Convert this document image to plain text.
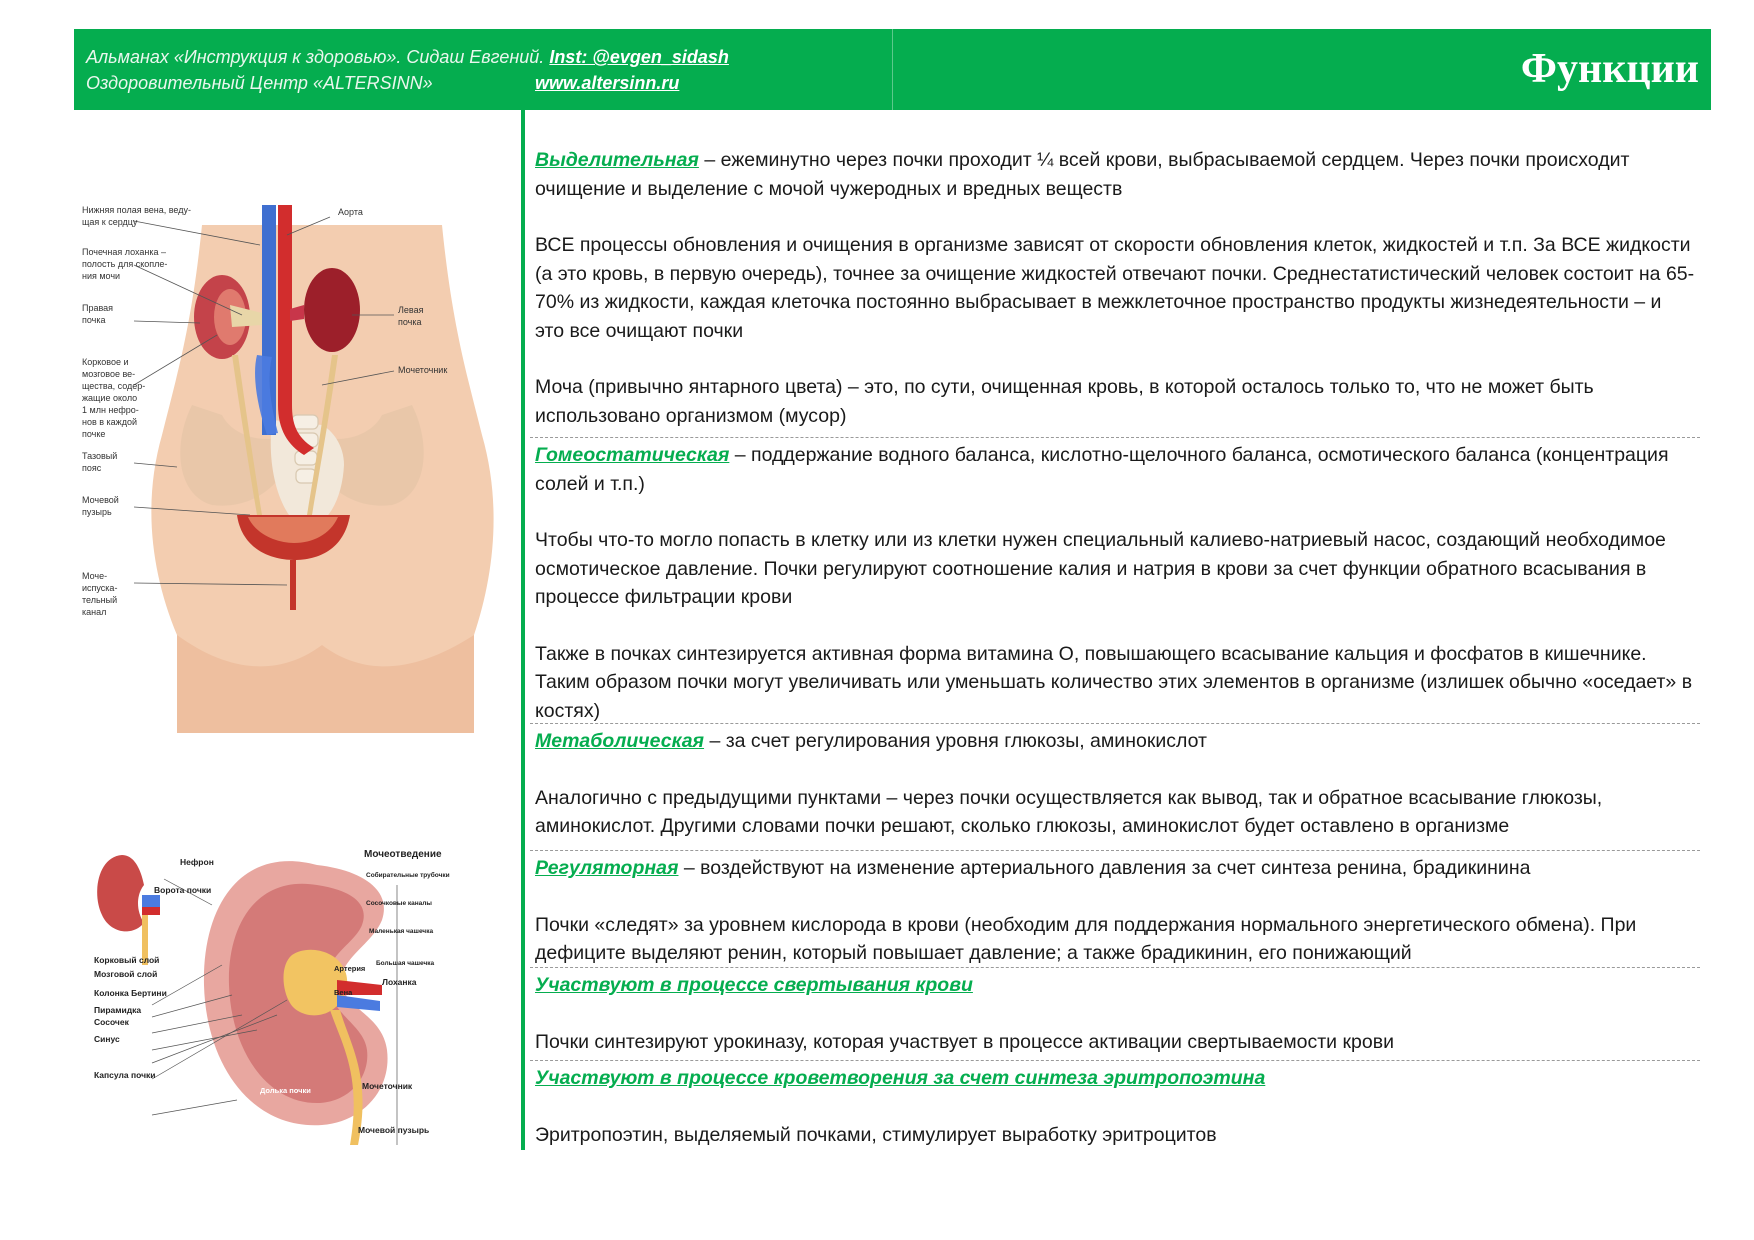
Альманах «Инструкция к здоровью». Сидаш Евгений. Inst: @evgen_sidash
Оздоровительный Центр «ALTERSINN»	www.altersinn.ru	Функции
Нижняя полая вена, веду-щая к сердцу
Аорта
Почечная лоханка – полость для скопле-ния мочи
Правая почка
Левая почка
Корковое и мозговое ве-щества, содер- жащие около 1 млн нефро-нов в каждой почке
Мочеточник
Тазовый пояс
Мочевой пузырь
Моче-испуска-тельный канал
Нефрон
Ворота почки
Мочеотведение
Собирательные трубочки
Сосочковые каналы
Маленькая чашечка
Большая чашечка
Артерия
Лоханка
Вена
Корковый слой
Мозговой слой
Колонка Бертини
Пирамидка
Сосочек
Синус
Капсула почки
Долька почки	Мочеточник
Мочевой пузырь

Выделительная – ежеминутно через почки проходит ¼ всей крови, выбрасываемой сердцем. Через почки происходит очищение и выделение с мочой чужеродных и вредных веществ

ВСЕ процессы обновления и очищения в организме зависят от скорости обновления клеток, жидкостей и т.п. За ВСЕ жидкости (а это кровь, в первую очередь), точнее за очищение жидкостей отвечают почки. Среднестатистический человек состоит на 65-70% из жидкости, каждая клеточка постоянно выбрасывает в межклеточное пространство продукты жизнедеятельности – и это все очищают почки

Моча (привычно янтарного цвета) – это, по сути, очищенная кровь, в которой осталось только то, что не может быть использовано организмом (мусор)

Гомеостатическая – поддержание водного баланса, кислотно-щелочного баланса, осмотического баланса (концентрация солей и т.п.)

Чтобы что-то могло попасть в клетку или из клетки нужен специальный калиево-натриевый насос, создающий необходимое осмотическое давление. Почки регулируют соотношение калия и натрия в крови за счет функции обратного всасывания в процессе фильтрации крови

Также в почках синтезируется активная форма витамина О, повышающего всасывание кальция и фосфатов в кишечнике. Таким образом почки могут увеличивать или уменьшать количество этих элементов в организме (излишек обычно «оседает» в костях)

Метаболическая – за счет регулирования уровня глюкозы, аминокислот

Аналогично с предыдущими пунктами – через почки осуществляется как вывод, так и обратное всасывание глюкозы, аминокислот. Другими словами почки решают, сколько глюкозы, аминокислот будет оставлено в организме

Регуляторная – воздействуют на изменение артериального давления за счет синтеза ренина, брадикинина

Почки «следят» за уровнем кислорода в крови (необходим для поддержания нормального энергетического обмена). При дефиците выделяют ренин, который повышает давление; а также брадикинин, его понижающий

Участвуют в процессе свертывания крови

Почки синтезируют урокиназу, которая участвует в процессе активации свертываемости крови

Участвуют в процессе кроветворения за счет синтеза эритропоэтина

Эритропоэтин, выделяемый почками, стимулирует выработку эритроцитов
